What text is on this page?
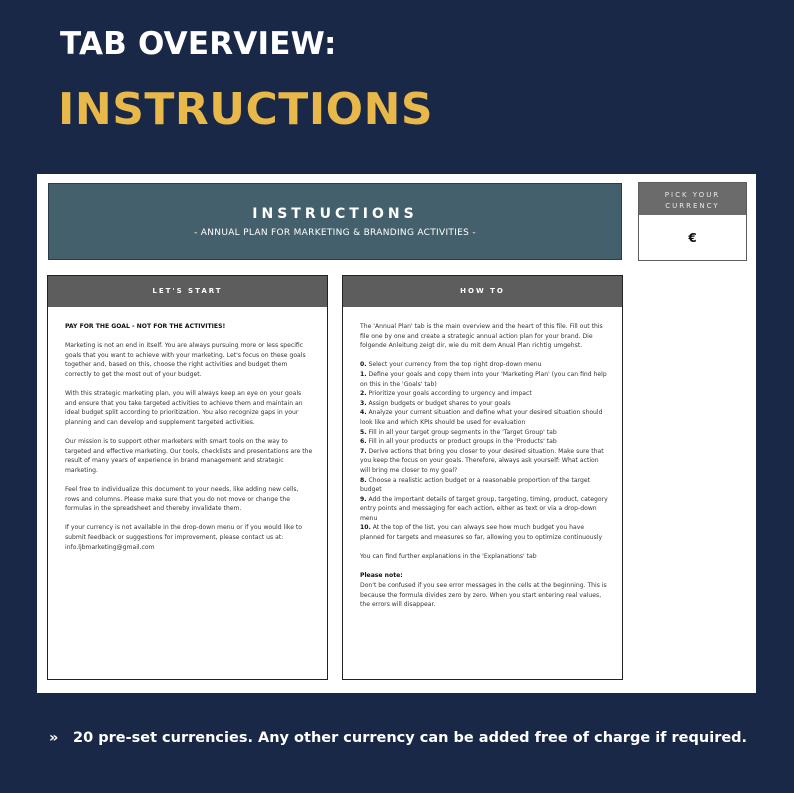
TAB OVERVIEW:
INSTRUCTIONS
INSTRUCTIONS
- ANNUAL PLAN FOR MARKETING & BRANDING ACTIVITIES -
PICK YOUR CURRENCY
€
LET'S START

PAY FOR THE GOAL - NOT FOR THE ACTIVITIES!

Marketing is not an end in itself. You are always pursuing more or less specific goals that you want to achieve with your marketing. Let's focus on these goals together and, based on this, choose the right activities and budget them correctly to get the most out of your budget.

With this strategic marketing plan, you will always keep an eye on your goals and ensure that you take targeted activities to achieve them and maintain an ideal budget split according to prioritization. You also recognize gaps in your planning and can develop and supplement targeted activities.

Our mission is to support other marketers with smart tools on the way to targeted and effective marketing. Our tools, checklists and presentations are the result of many years of experience in brand management and strategic marketing.

Feel free to individualize this document to your needs, like adding new cells, rows and columns. Please make sure that you do not move or change the formulas in the spreadsheet and thereby invalidate them.

If your currency is not available in the drop-down menu or if you would like to submit feedback or suggestions for improvement, please contact us at: info.ljbmarketing@gmail.com

HOW TO

The 'Annual Plan' tab is the main overview and the heart of this file. Fill out this file one by one and create a strategic annual action plan for your brand. Die folgende Anleitung zeigt dir, wie du mit dem Anual Plan richtig umgehst.

0. Select your currency from the top right drop-down menu
1. Define your goals and copy them into your 'Marketing Plan' (you can find help on this in the 'Goals' tab)
2. Prioritize your goals according to urgency and impact
3. Assign budgets or budget shares to your goals
4. Analyze your current situation and define what your desired situation should look like and which KPIs should be used for evaluation
5. Fill in all your target group segments in the 'Target Group' tab
6. Fill in all your products or product groups in the 'Products' tab
7. Derive actions that bring you closer to your desired situation. Make sure that you keep the focus on your goals. Therefore, always ask yourself: What action will bring me closer to my goal?
8. Choose a realistic action budget or a reasonable proportion of the target budget
9. Add the important details of target group, targeting, timing, product, category entry points and messaging for each action, either as text or via a drop-down menu
10. At the top of the list, you can always see how much budget you have planned for targets and measures so far, allowing you to optimize continuously

You can find further explanations in the 'Explanations' tab

Please note:
Don't be confused if you see error messages in the cells at the beginning. This is because the formula divides zero by zero. When you start entering real values, the errors will disappear.

» 20 pre-set currencies. Any other currency can be added free of charge if required.
